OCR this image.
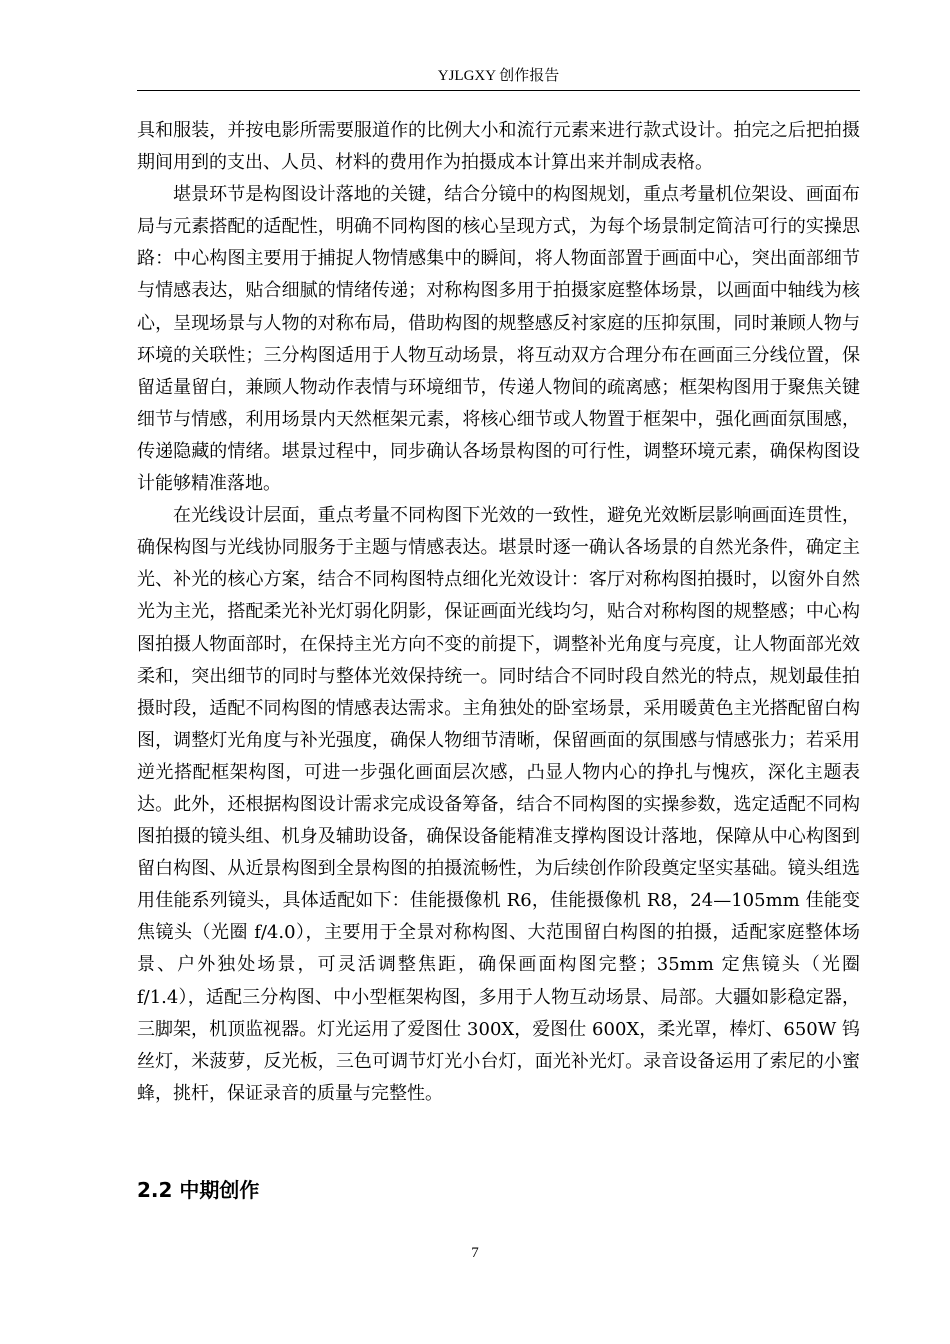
YJLGXY 创作报告

具和服装，并按电影所需要服道作的比例大小和流行元素来进行款式设计。拍完之后把拍摄期间用到的支出、人员、材料的费用作为拍摄成本计算出来并制成表格。

堪景环节是构图设计落地的关键，结合分镜中的构图规划，重点考量机位架设、画面布局与元素搭配的适配性，明确不同构图的核心呈现方式，为每个场景制定简洁可行的实操思路：中心构图主要用于捕捉人物情感集中的瞬间，将人物面部置于画面中心，突出面部细节与情感表达，贴合细腻的情绪传递；对称构图多用于拍摄家庭整体场景，以画面中轴线为核心，呈现场景与人物的对称布局，借助构图的规整感反衬家庭的压抑氛围，同时兼顾人物与环境的关联性；三分构图适用于人物互动场景，将互动双方合理分布在画面三分线位置，保留适量留白，兼顾人物动作表情与环境细节，传递人物间的疏离感；框架构图用于聚焦关键细节与情感，利用场景内天然框架元素，将核心细节或人物置于框架中，强化画面氛围感，传递隐藏的情绪。堪景过程中，同步确认各场景构图的可行性，调整环境元素，确保构图设计能够精准落地。

在光线设计层面，重点考量不同构图下光效的一致性，避免光效断层影响画面连贯性，确保构图与光线协同服务于主题与情感表达。堪景时逐一确认各场景的自然光条件，确定主光、补光的核心方案，结合不同构图特点细化光效设计：客厅对称构图拍摄时，以窗外自然光为主光，搭配柔光补光灯弱化阴影，保证画面光线均匀，贴合对称构图的规整感；中心构图拍摄人物面部时，在保持主光方向不变的前提下，调整补光角度与亮度，让人物面部光效柔和，突出细节的同时与整体光效保持统一。同时结合不同时段自然光的特点，规划最佳拍摄时段，适配不同构图的情感表达需求。主角独处的卧室场景，采用暖黄色主光搭配留白构图，调整灯光角度与补光强度，确保人物细节清晰，保留画面的氛围感与情感张力；若采用逆光搭配框架构图，可进一步强化画面层次感，凸显人物内心的挣扎与愧疚，深化主题表达。此外，还根据构图设计需求完成设备筹备，结合不同构图的实操参数，选定适配不同构图拍摄的镜头组、机身及辅助设备，确保设备能精准支撑构图设计落地，保障从中心构图到留白构图、从近景构图到全景构图的拍摄流畅性，为后续创作阶段奠定坚实基础。镜头组选用佳能系列镜头，具体适配如下：佳能摄像机 R6，佳能摄像机 R8，24—105mm 佳能变焦镜头（光圈 f/4.0），主要用于全景对称构图、大范围留白构图的拍摄，适配家庭整体场景、户外独处场景，可灵活调整焦距，确保画面构图完整；35mm 定焦镜头（光圈 f/1.4），适配三分构图、中小型框架构图，多用于人物互动场景、局部。大疆如影稳定器，三脚架，机顶监视器。灯光运用了爱图仕 300X，爱图仕 600X，柔光罩，棒灯、650W 钨丝灯，米菠萝，反光板，三色可调节灯光小台灯，面光补光灯。录音设备运用了索尼的小蜜蜂，挑杆，保证录音的质量与完整性。

2.2 中期创作
7
